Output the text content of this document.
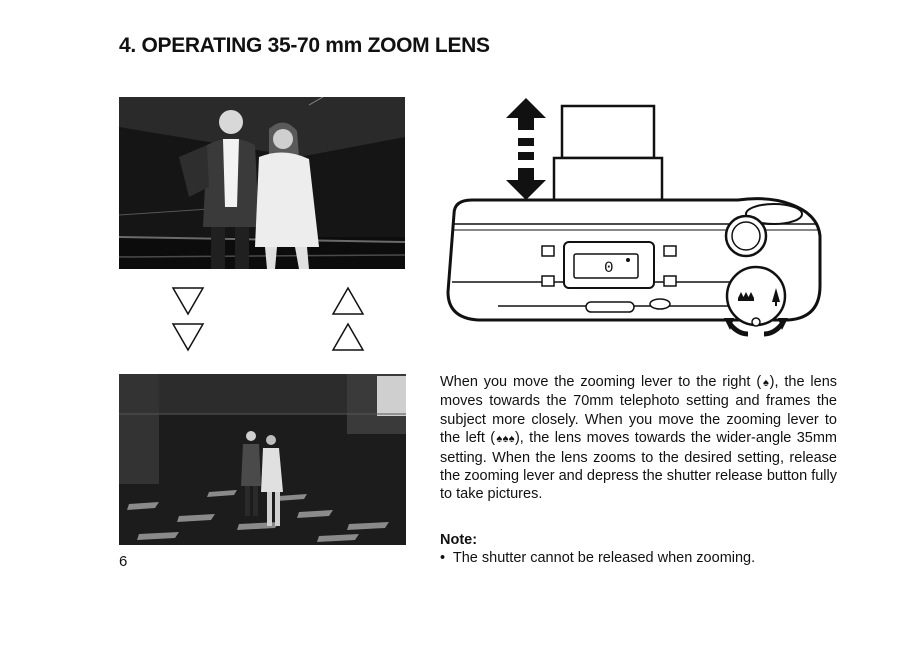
4. OPERATING 35-70 mm ZOOM LENS
0

When you move the zooming lever to the right (♠), the lens moves towards the 70mm telephoto setting and frames the subject more closely. When you move the zooming lever to the left (♠♠♠), the lens moves towards the wider-angle 35mm setting. When the lens zooms to the desired setting, release the zooming lever and depress the shutter release button fully to take pictures.

Note:

• The shutter cannot be released when zooming.

6
